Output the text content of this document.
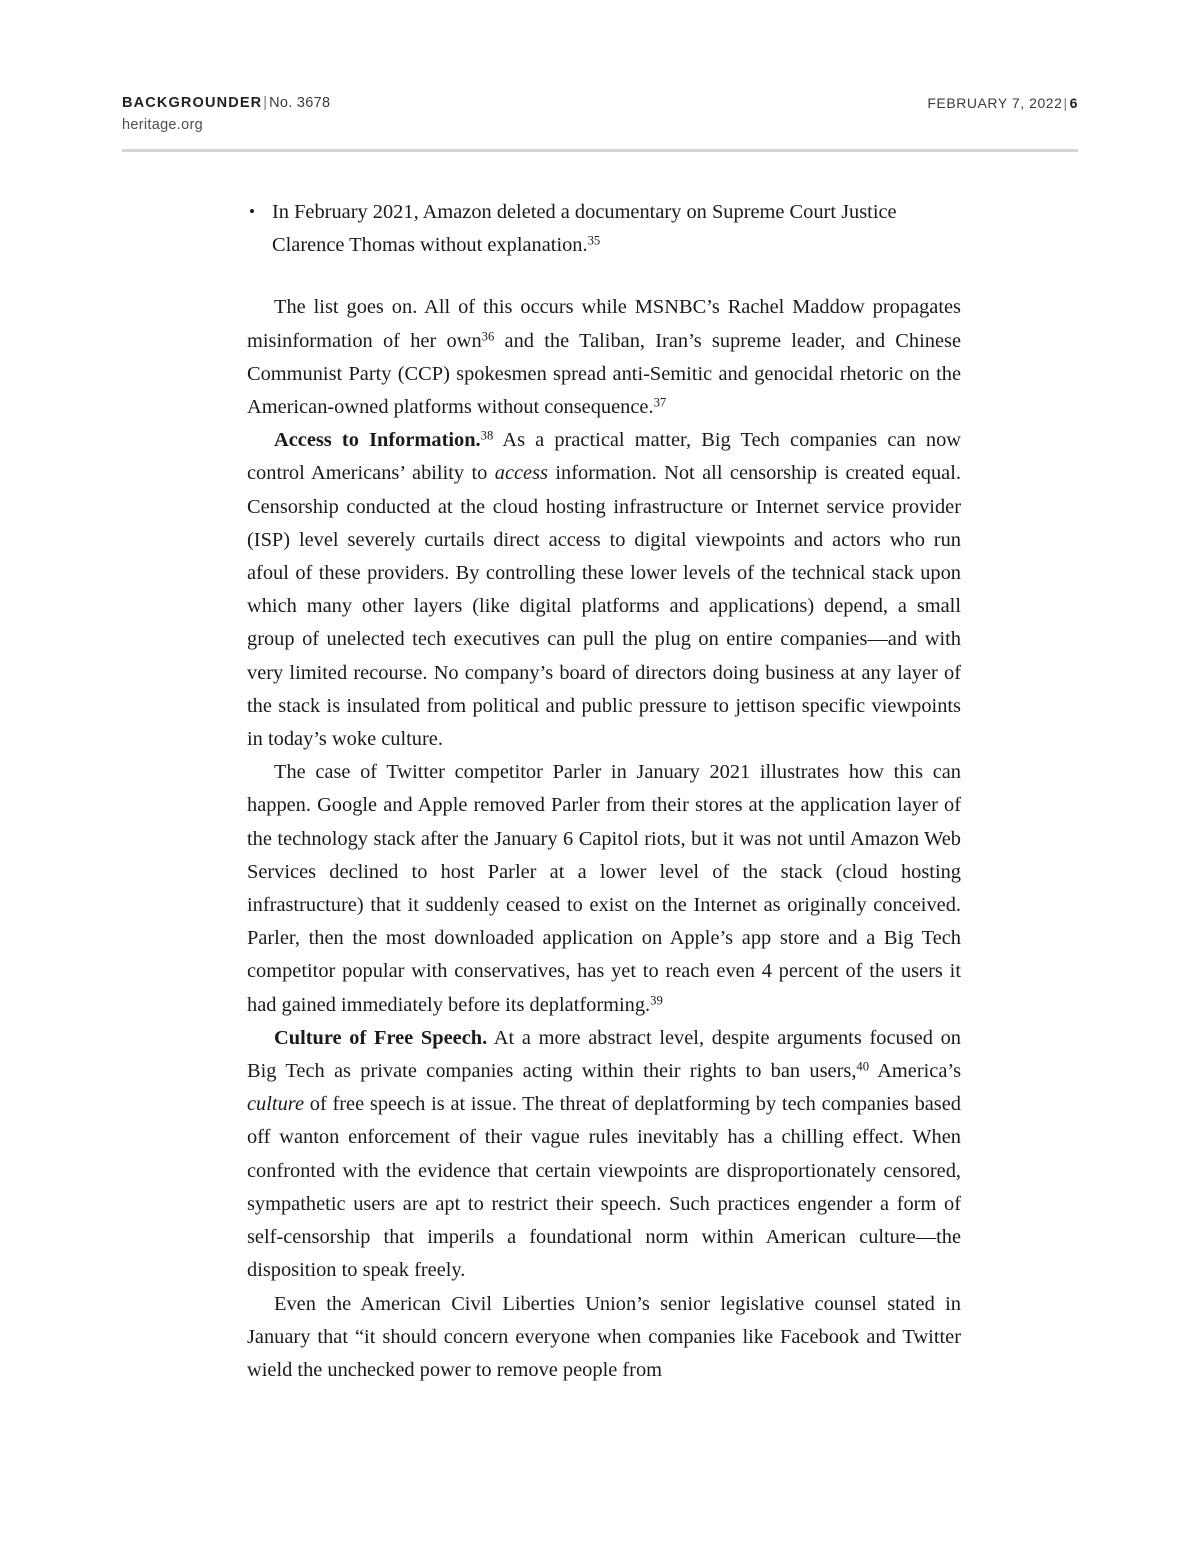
BACKGROUNDER| No. 3678
heritage.org
FEBRUARY 7, 2022| 6
• In February 2021, Amazon deleted a documentary on Supreme Court Justice Clarence Thomas without explanation.$^{35}$

The list goes on. All of this occurs while MSNBC’s Rachel Maddow propagates misinformation of her own$^{36}$ and the Taliban, Iran’s supreme leader, and Chinese Communist Party (CCP) spokesmen spread anti-Semitic and genocidal rhetoric on the American-owned platforms without consequence.$^{37}$

Access to Information.$^{38}$ As a practical matter, Big Tech companies can now control Americans’ ability to access information. Not all censorship is created equal. Censorship conducted at the cloud hosting infrastructure or Internet service provider (ISP) level severely curtails direct access to digital viewpoints and actors who run afoul of these providers. By controlling these lower levels of the technical stack upon which many other layers (like digital platforms and applications) depend, a small group of unelected tech executives can pull the plug on entire companies—and with very limited recourse. No company’s board of directors doing business at any layer of the stack is insulated from political and public pressure to jettison specific viewpoints in today’s woke culture.

The case of Twitter competitor Parler in January 2021 illustrates how this can happen. Google and Apple removed Parler from their stores at the application layer of the technology stack after the January 6 Capitol riots, but it was not until Amazon Web Services declined to host Parler at a lower level of the stack (cloud hosting infrastructure) that it suddenly ceased to exist on the Internet as originally conceived. Parler, then the most downloaded application on Apple’s app store and a Big Tech competitor popular with conservatives, has yet to reach even 4 percent of the users it had gained immediately before its deplatforming.$^{39}$

Culture of Free Speech. At a more abstract level, despite arguments focused on Big Tech as private companies acting within their rights to ban users,$^{40}$ America’s culture of free speech is at issue. The threat of deplatforming by tech companies based off wanton enforcement of their vague rules inevitably has a chilling effect. When confronted with the evidence that certain viewpoints are disproportionately censored, sympathetic users are apt to restrict their speech. Such practices engender a form of self-censorship that imperils a foundational norm within American culture—the disposition to speak freely.

Even the American Civil Liberties Union’s senior legislative counsel stated in January that “it should concern everyone when companies like Facebook and Twitter wield the unchecked power to remove people from
